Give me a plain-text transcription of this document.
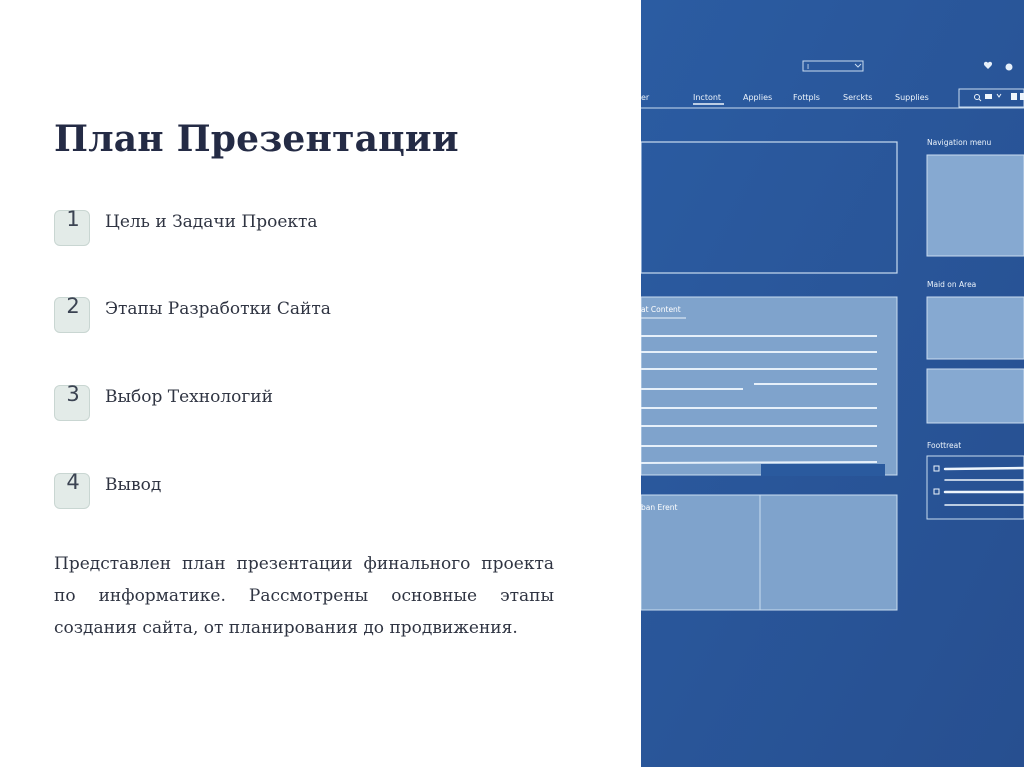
План Презентации
1	Цель и Задачи Проекта
2	Этапы Разработки Сайта
3	Выбор Технологий
4	Вывод

Представлен план презентации финального проекта по информатике. Рассмотрены основные этапы создания сайта, от планирования до продвижения.

I
er	Inctont	Applies	Fottpls	Serckts	Supplies
Navigation menu
Maid on Area
Foottreat
at Content
ban Erent
